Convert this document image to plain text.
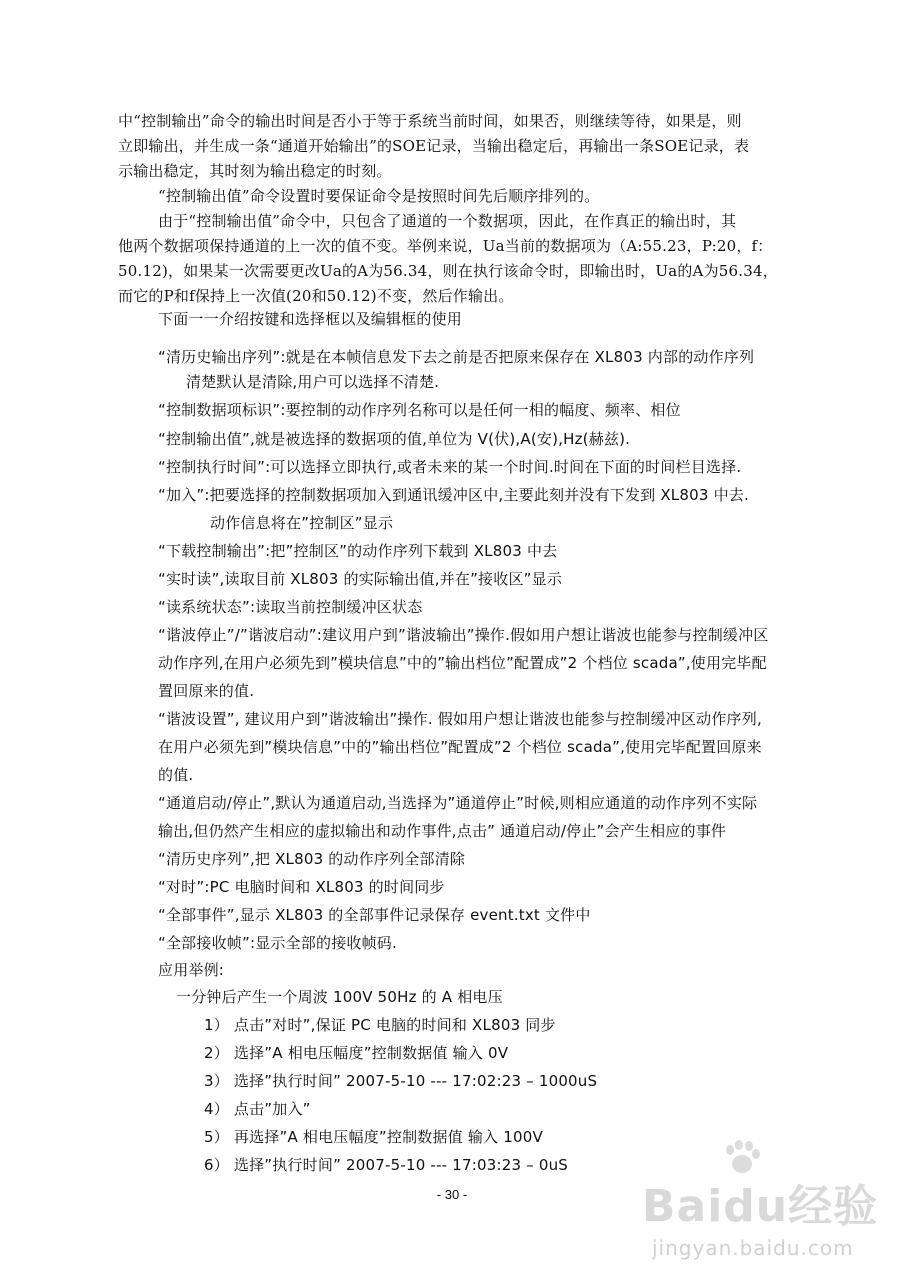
中“控制输出”命令的输出时间是否小于等于系统当前时间，如果否，则继续等待，如果是，则
立即输出，并生成一条“通道开始输出”的SOE记录，当输出稳定后，再输出一条SOE记录，表
示输出稳定，其时刻为输出稳定的时刻。
“控制输出值”命令设置时要保证命令是按照时间先后顺序排列的。
由于“控制输出值”命令中，只包含了通道的一个数据项，因此，在作真正的输出时，其
他两个数据项保持通道的上一次的值不变。举例来说，Ua当前的数据项为（A:55.23，P:20，f：
50.12)，如果某一次需要更改Ua的A为56.34，则在执行该命令时，即输出时，Ua的A为56.34，
而它的P和f保持上一次值(20和50.12)不变，然后作输出。
下面一一介绍按键和选择框以及编辑框的使用
“清历史输出序列”:就是在本帧信息发下去之前是否把原来保存在 XL803 内部的动作序列
清楚默认是清除,用户可以选择不清楚.
“控制数据项标识”:要控制的动作序列名称可以是任何一相的幅度、频率、相位
“控制输出值”,就是被选择的数据项的值,单位为 V(伏),A(安),Hz(赫兹).
“控制执行时间”:可以选择立即执行,或者未来的某一个时间.时间在下面的时间栏目选择.
“加入”:把要选择的控制数据项加入到通讯缓冲区中,主要此刻并没有下发到 XL803 中去.
动作信息将在”控制区”显示
“下载控制输出”:把”控制区”的动作序列下载到 XL803 中去
“实时读”,读取目前 XL803 的实际输出值,并在”接收区”显示
“读系统状态”:读取当前控制缓冲区状态
“谐波停止”/”谐波启动”:建议用户到”谐波输出”操作.假如用户想让谐波也能参与控制缓冲区
动作序列,在用户必须先到”模块信息”中的”输出档位”配置成”2 个档位 scada”,使用完毕配
置回原来的值.
“谐波设置”, 建议用户到”谐波输出”操作. 假如用户想让谐波也能参与控制缓冲区动作序列,
在用户必须先到”模块信息”中的”输出档位”配置成”2 个档位 scada”,使用完毕配置回原来
的值.
“通道启动/停止”,默认为通道启动,当选择为”通道停止”时候,则相应通道的动作序列不实际
输出,但仍然产生相应的虚拟输出和动作事件,点击” 通道启动/停止”会产生相应的事件
“清历史序列”,把 XL803 的动作序列全部清除
“对时”:PC 电脑时间和 XL803 的时间同步
“全部事件”,显示 XL803 的全部事件记录保存 event.txt 文件中
“全部接收帧”:显示全部的接收帧码.
应用举例:
一分钟后产生一个周波 100V 50Hz 的 A 相电压
1） 点击”对时”,保证 PC 电脑的时间和 XL803 同步
2） 选择”A 相电压幅度”控制数据值 输入 0V
3） 选择”执行时间” 2007-5-10 --- 17:02:23 – 1000uS
4） 点击”加入”
5） 再选择”A 相电压幅度”控制数据值 输入 100V
6） 选择”执行时间” 2007-5-10 --- 17:03:23 – 0uS
- 30 -	Baidu经验
jingyan.baidu.com
